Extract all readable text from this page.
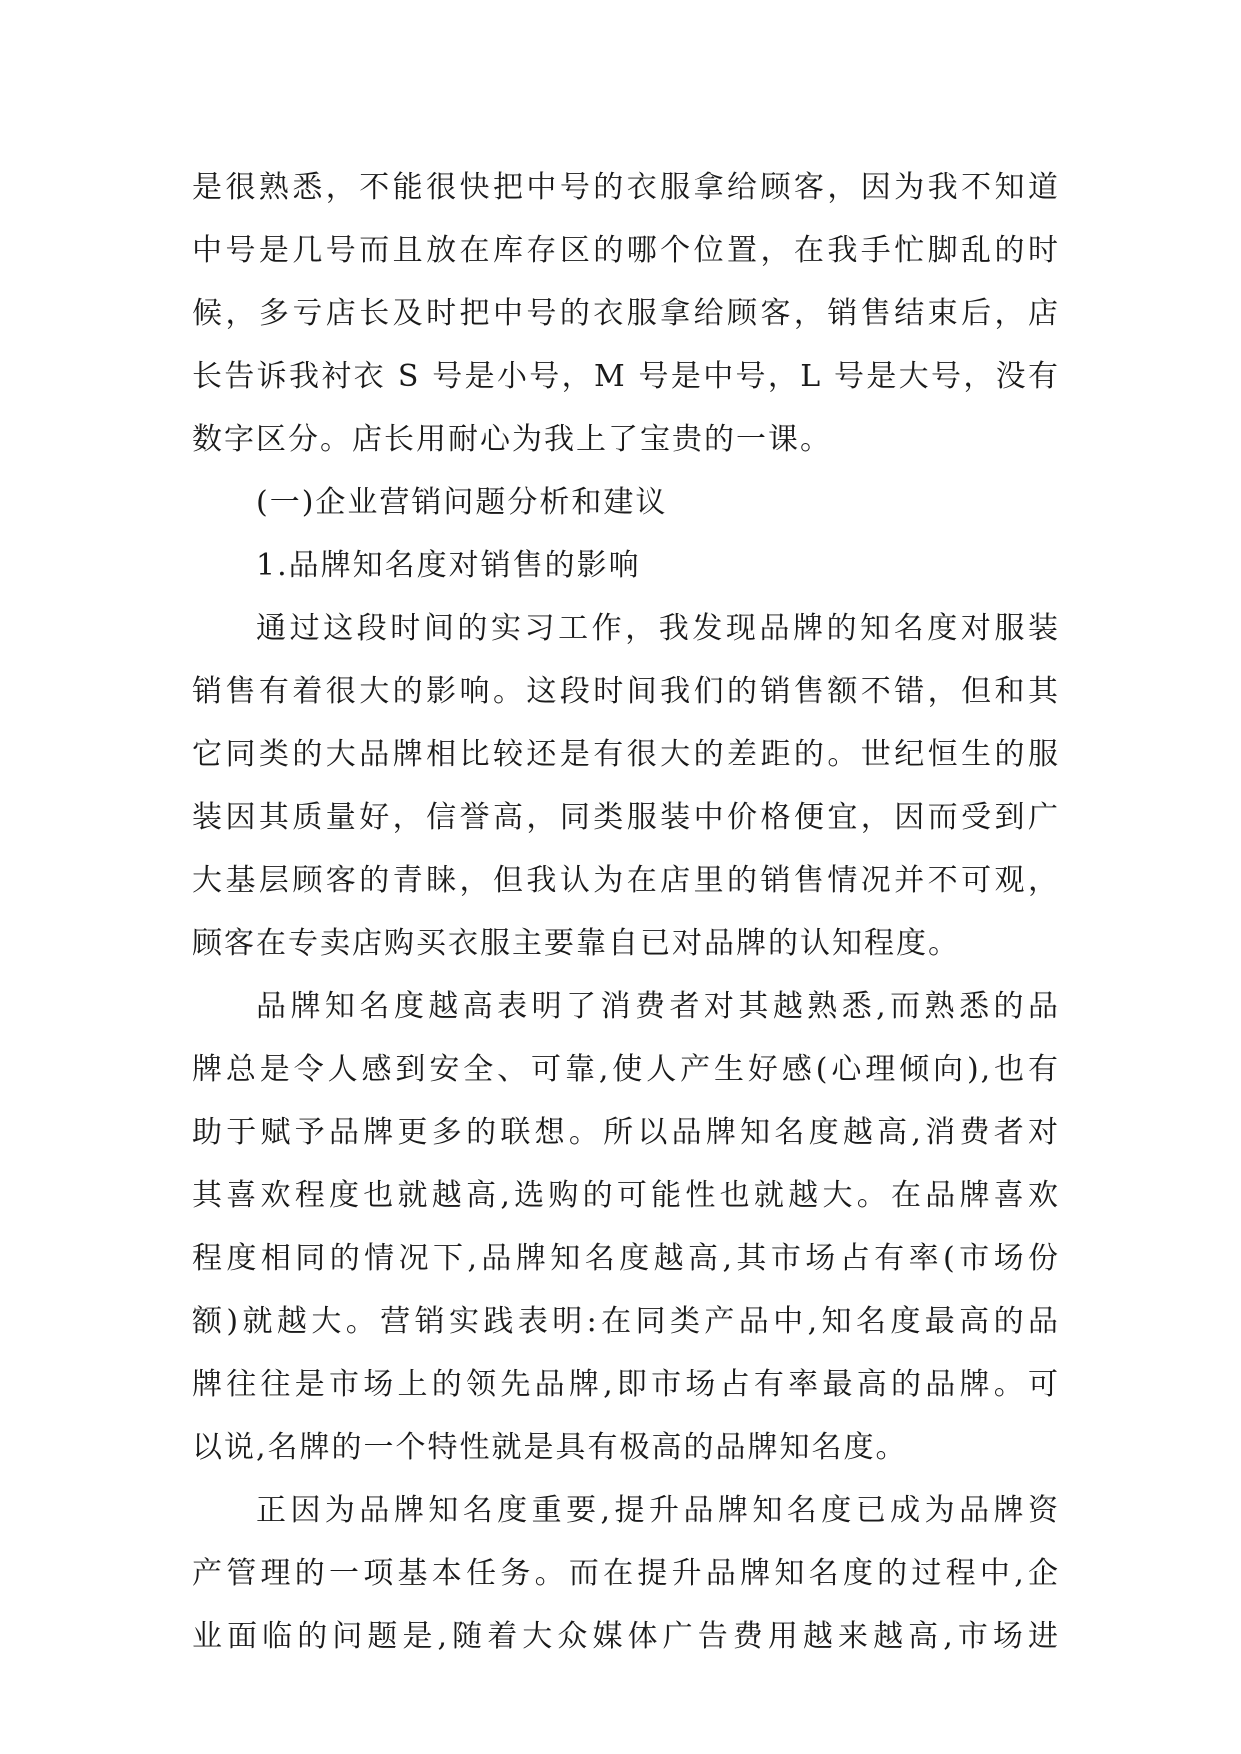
是很熟悉，不能很快把中号的衣服拿给顾客，因为我不知道
中号是几号而且放在库存区的哪个位置，在我手忙脚乱的时
候，多亏店长及时把中号的衣服拿给顾客，销售结束后，店
长告诉我衬衣 S 号是小号，M 号是中号，L 号是大号，没有
数字区分。店长用耐心为我上了宝贵的一课。
(一)企业营销问题分析和建议
1.品牌知名度对销售的影响
通过这段时间的实习工作，我发现品牌的知名度对服装
销售有着很大的影响。这段时间我们的销售额不错，但和其
它同类的大品牌相比较还是有很大的差距的。世纪恒生的服
装因其质量好，信誉高，同类服装中价格便宜，因而受到广
大基层顾客的青睐，但我认为在店里的销售情况并不可观，
顾客在专卖店购买衣服主要靠自已对品牌的认知程度。
品牌知名度越高表明了消费者对其越熟悉,而熟悉的品
牌总是令人感到安全、可靠,使人产生好感(心理倾向),也有
助于赋予品牌更多的联想。所以品牌知名度越高,消费者对
其喜欢程度也就越高,选购的可能性也就越大。在品牌喜欢
程度相同的情况下,品牌知名度越高,其市场占有率(市场份
额)就越大。营销实践表明:在同类产品中,知名度最高的品
牌往往是市场上的领先品牌,即市场占有率最高的品牌。可
以说,名牌的一个特性就是具有极高的品牌知名度。
正因为品牌知名度重要,提升品牌知名度已成为品牌资
产管理的一项基本任务。而在提升品牌知名度的过程中,企
业面临的问题是,随着大众媒体广告费用越来越高,市场进
